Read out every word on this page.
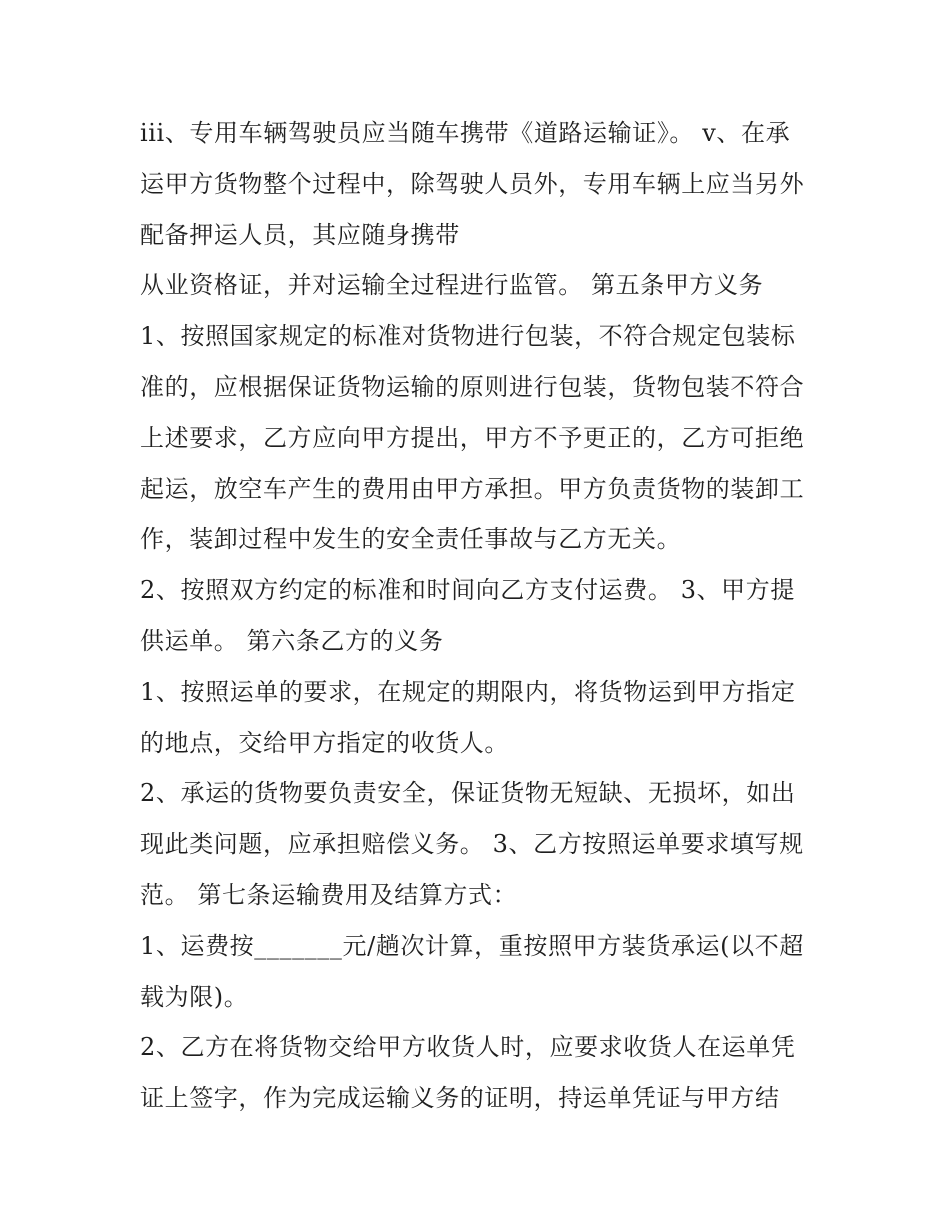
iii、专用车辆驾驶员应当随车携带《道路运输证》。 v、在承
运甲方货物整个过程中，除驾驶人员外，专用车辆上应当另外
配备押运人员，其应随身携带
从业资格证，并对运输全过程进行监管。 第五条甲方义务
1、按照国家规定的标准对货物进行包装，不符合规定包装标
准的，应根据保证货物运输的原则进行包装，货物包装不符合
上述要求，乙方应向甲方提出，甲方不予更正的，乙方可拒绝
起运，放空车产生的费用由甲方承担。甲方负责货物的装卸工
作，装卸过程中发生的安全责任事故与乙方无关。
2、按照双方约定的标准和时间向乙方支付运费。 3、甲方提
供运单。 第六条乙方的义务
1、按照运单的要求，在规定的期限内，将货物运到甲方指定
的地点，交给甲方指定的收货人。
2、承运的货物要负责安全，保证货物无短缺、无损坏，如出
现此类问题，应承担赔偿义务。 3、乙方按照运单要求填写规
范。 第七条运输费用及结算方式：
1、运费按_______元/趟次计算，重按照甲方装货承运(以不超
载为限)。
2、乙方在将货物交给甲方收货人时，应要求收货人在运单凭
证上签字，作为完成运输义务的证明，持运单凭证与甲方结
